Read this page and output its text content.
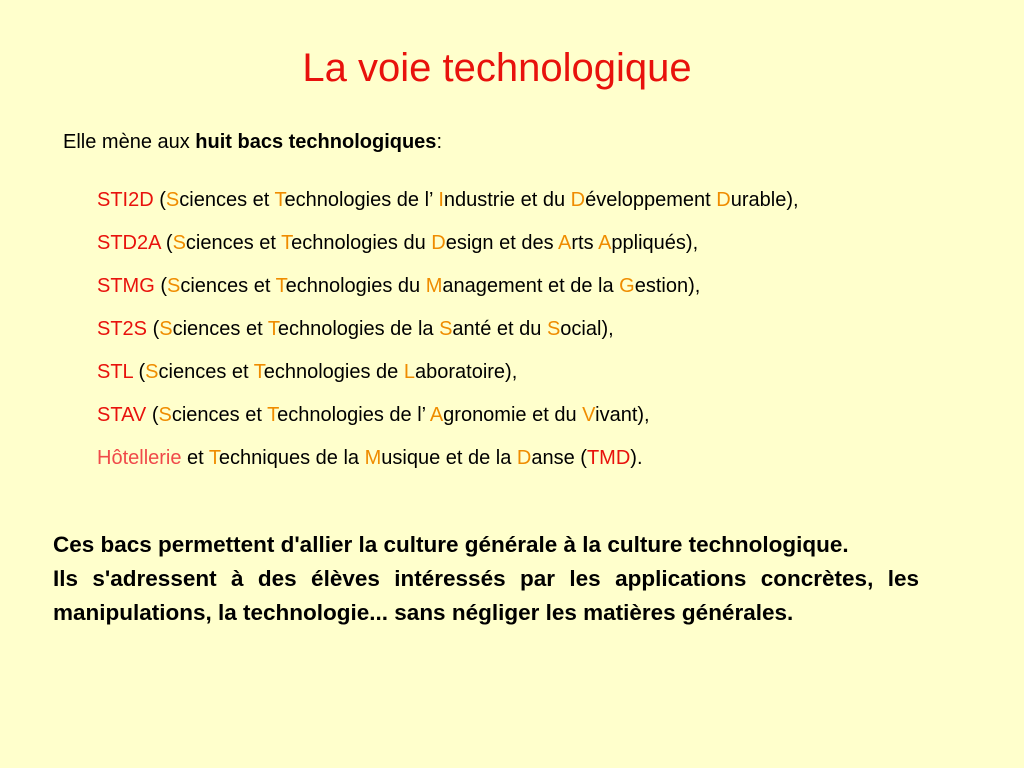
La voie technologique
Elle mène aux huit bacs technologiques:
STI2D (Sciences et Technologies de l’ Industrie et du Développement Durable),
STD2A (Sciences et Technologies du Design et des Arts Appliqués),
STMG (Sciences et Technologies du Management et de la Gestion),
ST2S (Sciences et Technologies de la Santé et du Social),
STL (Sciences et Technologies de Laboratoire),
STAV (Sciences et Technologies de l’ Agronomie et du Vivant),
Hôtellerie et Techniques de la Musique et de la Danse (TMD).

Ces bacs permettent d'allier la culture générale à la culture technologique.

Ils s'adressent à des élèves intéressés par les applications concrètes, les manipulations, la technologie... sans négliger les matières générales.
